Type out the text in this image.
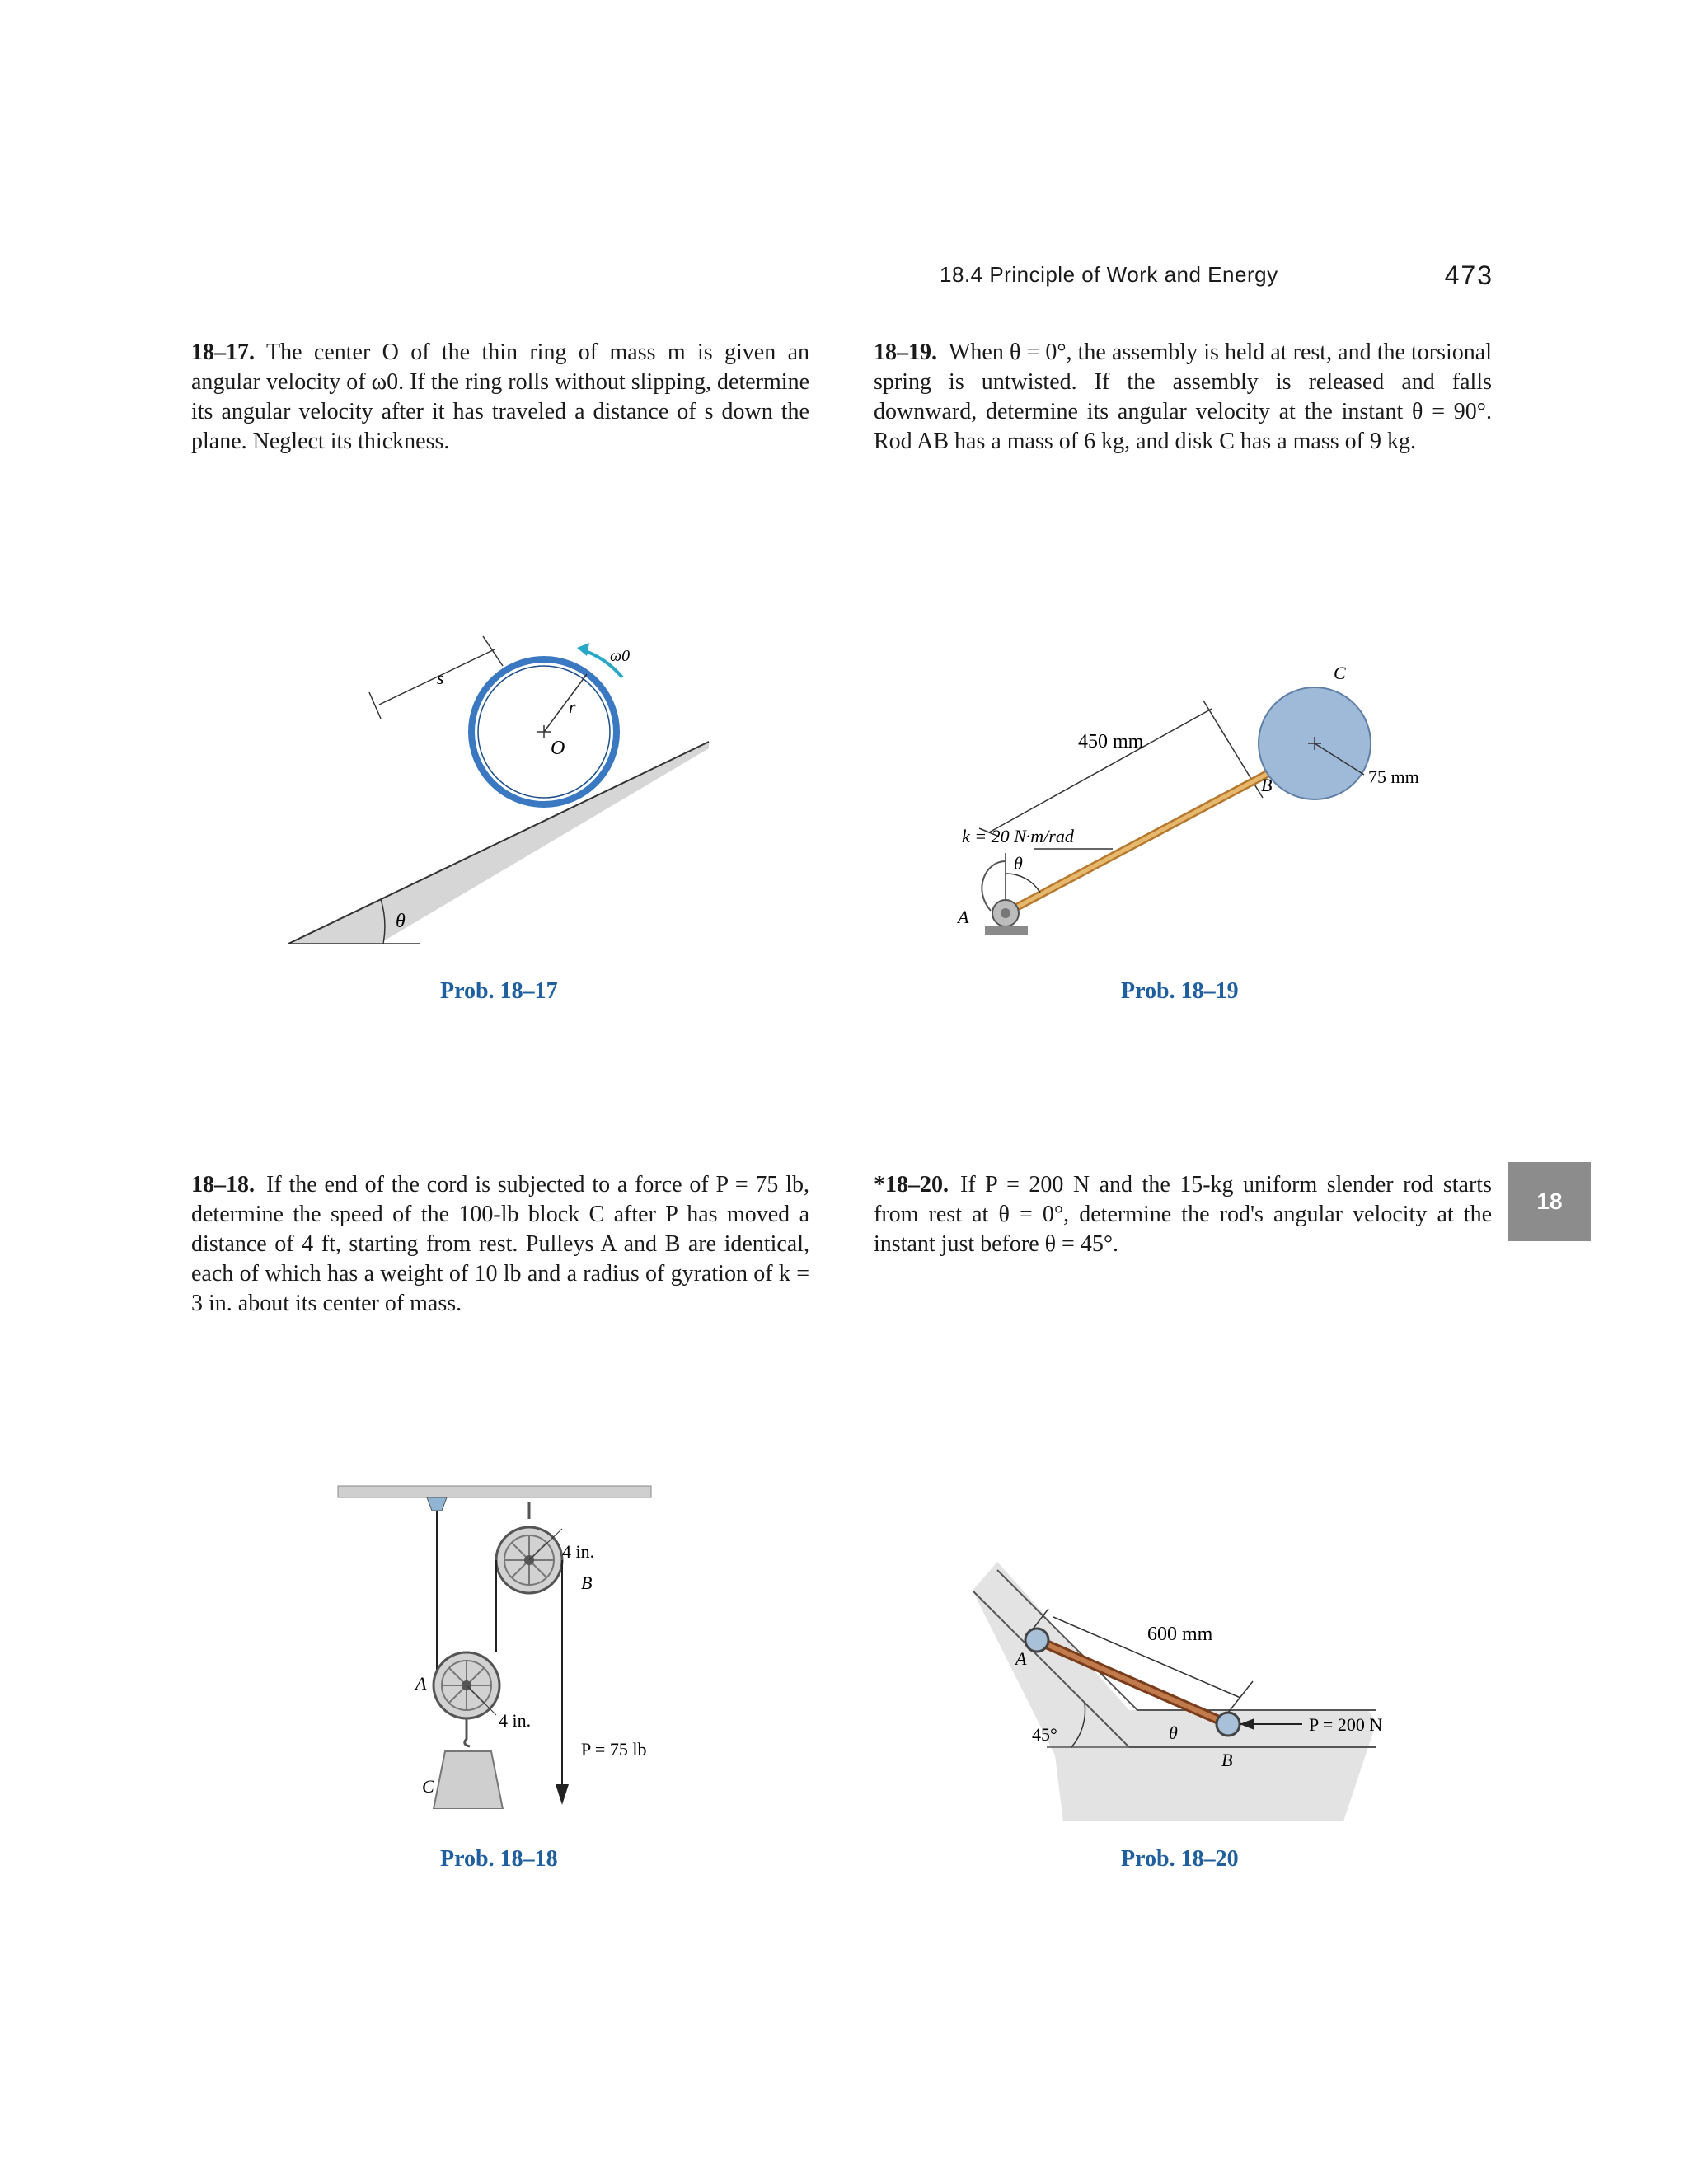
18.4 Principle of Work and Energy	473
18–17. The center O of the thin ring of mass m is given an angular velocity of ω0. If the ring rolls without slipping, determine its angular velocity after it has traveled a distance of s down the plane. Neglect its thickness.
18–19. When θ = 0°, the assembly is held at rest, and the torsional spring is untwisted. If the assembly is released and falls downward, determine its angular velocity at the instant θ = 90°. Rod AB has a mass of 6 kg, and disk C has a mass of 9 kg.
θ
r
O
ω0
s
Prob. 18–17
450 mm
75 mm
C
B
k = 20 N·m/rad
θ
A
Prob. 18–19
18–18. If the end of the cord is subjected to a force of P = 75 lb, determine the speed of the 100-lb block C after P has moved a distance of 4 ft, starting from rest. Pulleys A and B are identical, each of which has a weight of 10 lb and a radius of gyration of k = 3 in. about its center of mass.
*18–20. If P = 200 N and the 15-kg uniform slender rod starts from rest at θ = 0°, determine the rod's angular velocity at the instant just before θ = 45°.
18
4 in.
B
P = 75 lb
4 in.
A
C
Prob. 18–18
45°
A
B
θ
600 mm
P = 200 N
Prob. 18–20
